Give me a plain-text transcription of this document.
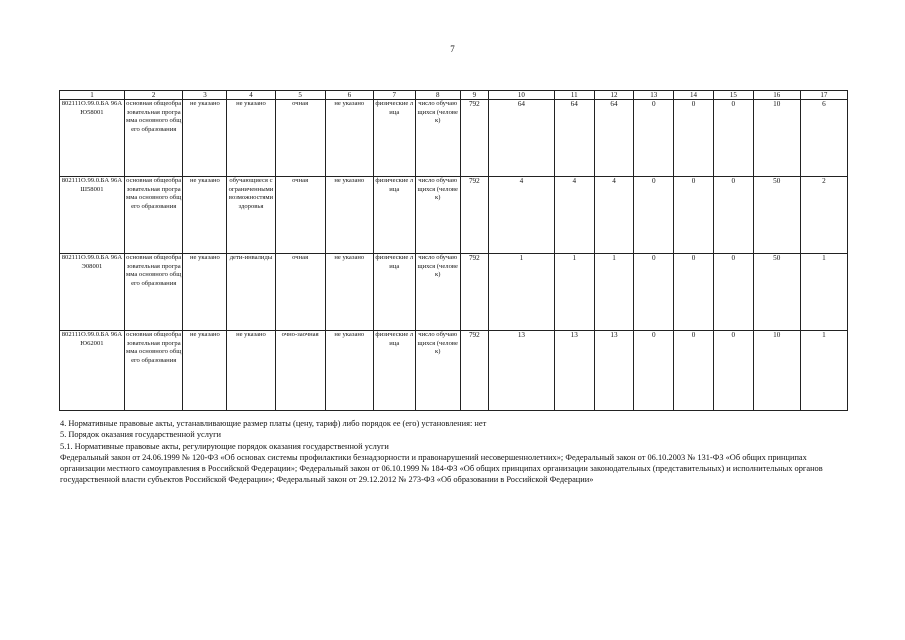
7
1	2	3	4	5	6	7	8	9	10	11	12	13	14	15	16	17
802111О.99.0.БА 96АЮ58001	основная общеобразовательная программа основного общего образования	не указано	не указано	очная	не указано	физические лица	число обучающихся (человек)	792	64	64	64	0	0	0	10	6
802111О.99.0.БА 96АШ58001	основная общеобразовательная программа основного общего образования	не указано	обучающиеся с ограниченными возможностями здоровья	очная	не указано	физические лица	число обучающихся (человек)	792	4	4	4	0	0	0	50	2
802111О.99.0.БА 96АЭ08001	основная общеобразовательная программа основного общего образования	не указано	дети-инвалиды	очная	не указано	физические лица	число обучающихся (человек)	792	1	1	1	0	0	0	50	1
802111О.99.0.БА 96АЮ62001	основная общеобразовательная программа основного общего образования	не указано	не указано	очно-заочная	не указано	физические лица	число обучающихся (человек)	792	13	13	13	0	0	0	10	1

4. Нормативные правовые акты, устанавливающие размер платы (цену, тариф) либо порядок ее (его) установления: нет

5. Порядок оказания государственной услуги

5.1. Нормативные правовые акты, регулирующие порядок оказания государственной услуги

Федеральный закон от 24.06.1999 № 120-ФЗ «Об основах системы профилактики безнадзорности и правонарушений несовершеннолетних»; Федеральный закон от 06.10.2003 № 131-ФЗ «Об общих принципах организации местного самоуправления в Российской Федерации»; Федеральный закон от 06.10.1999 № 184-ФЗ «Об общих принципах организации законодательных (представительных) и исполнительных органов государственной власти субъектов Российской Федерации»; Федеральный закон от 29.12.2012 № 273-ФЗ «Об образовании в Российской Федерации»
